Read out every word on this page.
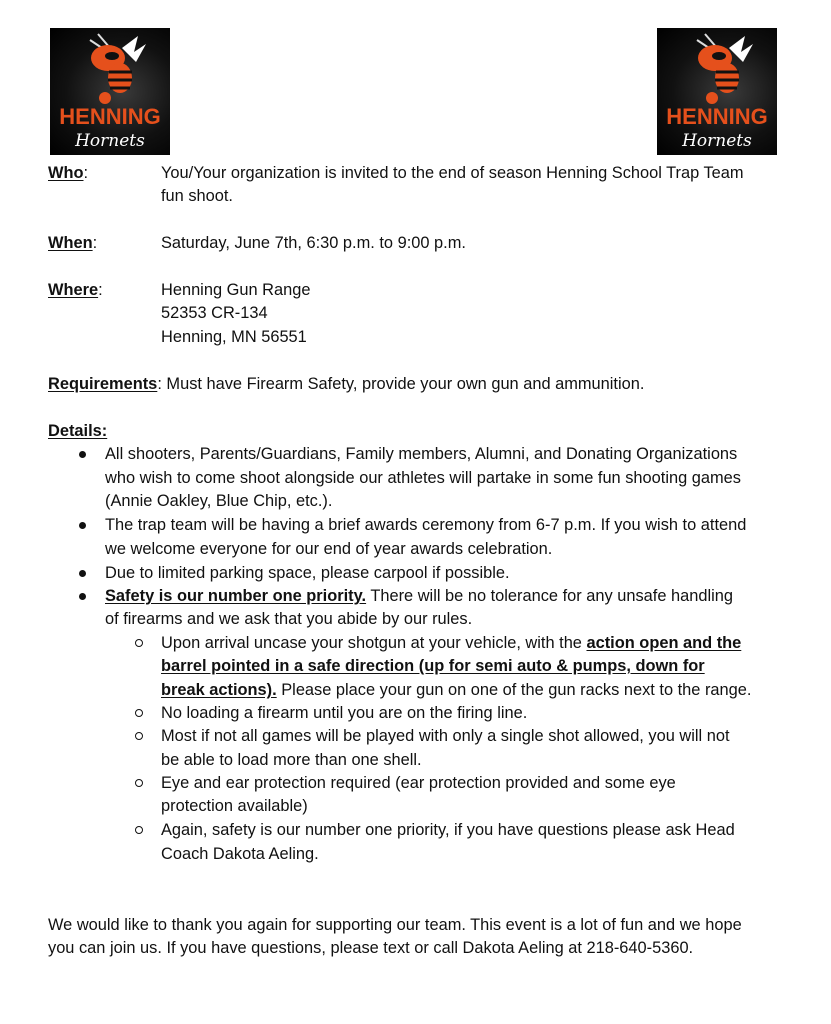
HENNING
Hornets
HENNING
Hornets
Who:	You/Your organization is invited to the end of season Henning School Trap Team
fun shoot.
When:	Saturday, June 7th, 6:30 p.m. to 9:00 p.m.
Where:	Henning Gun Range
52353 CR-134
Henning, MN 56551
Requirements: Must have Firearm Safety, provide your own gun and ammunition.
Details:
All shooters, Parents/Guardians, Family members, Alumni, and Donating Organizations
who wish to come shoot alongside our athletes will partake in some fun shooting games
(Annie Oakley, Blue Chip, etc.).
The trap team will be having a brief awards ceremony from 6-7 p.m. If you wish to attend
we welcome everyone for our end of year awards celebration.
Due to limited parking space, please carpool if possible.
Safety is our number one priority. There will be no tolerance for any unsafe handling
of firearms and we ask that you abide by our rules.
Upon arrival uncase your shotgun at your vehicle, with the action open and the
barrel pointed in a safe direction (up for semi auto & pumps, down for
break actions). Please place your gun on one of the gun racks next to the range.
No loading a firearm until you are on the firing line.
Most if not all games will be played with only a single shot allowed, you will not
be able to load more than one shell.
Eye and ear protection required (ear protection provided and some eye
protection available)
Again, safety is our number one priority, if you have questions please ask Head
Coach Dakota Aeling.
We would like to thank you again for supporting our team. This event is a lot of fun and we hope
you can join us. If you have questions, please text or call Dakota Aeling at 218-640-5360.
